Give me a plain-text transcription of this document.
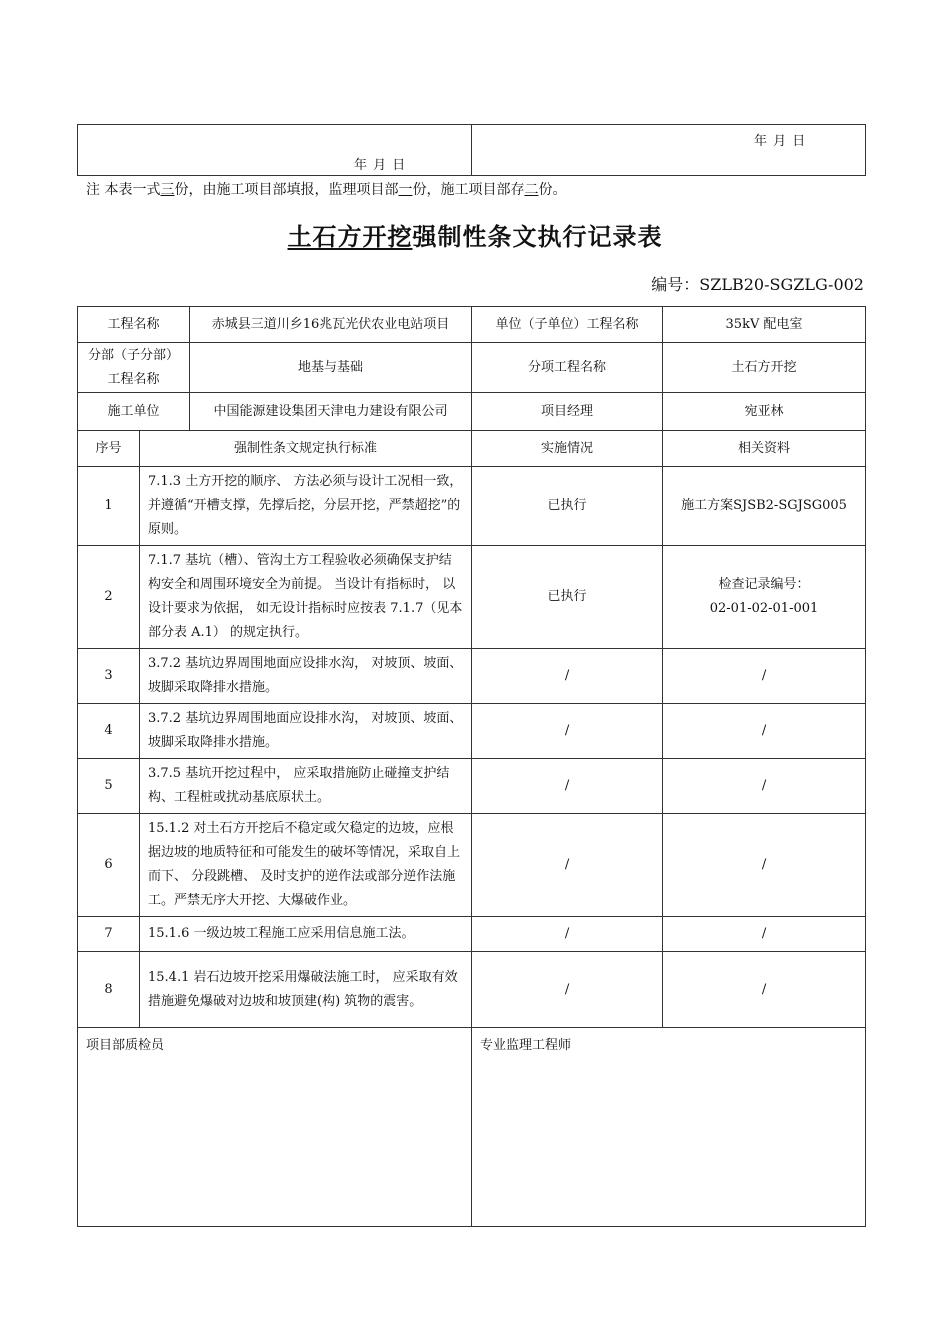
年 月 日

年 月 日
注 本表一式三份，由施工项目部填报，监理项目部一份，施工项目部存二份。
土石方开挖强制性条文执行记录表
编号：SZLB20-SGZLG-002
工程名称		赤城县三道川乡16兆瓦光伏农业电站项目	单位（子单位）工程名称	35kV 配电室

分部（子分部）
工程名称		地基与基础	分项工程名称	土石方开挖
施工单位		中国能源建设集团天津电力建设有限公司	项目经理	宛亚林
序号	强制性条文规定执行标准		实施情况	相关资料
1	7.1.3 土方开挖的顺序、 方法必须与设计工况相一致，并遵循“开槽支撑，先撑后挖，分层开挖，严禁超挖”的原则。		已执行	施工方案SJSB2-SGJSG005

2	7.1.7 基坑（槽）、管沟土方工程验收必须确保支护结构安全和周围环境安全为前提。 当设计有指标时， 以设计要求为依据， 如无设计指标时应按表 7.1.7（见本部分表 A.1） 的规定执行。		已执行	检查记录编号：
02-01-02-01-001

3	3.7.2 基坑边界周围地面应设排水沟， 对坡顶、坡面、坡脚采取降排水措施。		/	/
4	3.7.2 基坑边界周围地面应设排水沟， 对坡顶、坡面、坡脚采取降排水措施。		/	/
5	3.7.5 基坑开挖过程中， 应采取措施防止碰撞支护结构、工程桩或扰动基底原状土。		/	/
6	15.1.2 对土石方开挖后不稳定或欠稳定的边坡，应根据边坡的地质特征和可能发生的破坏等情况，采取自上而下、 分段跳槽、 及时支护的逆作法或部分逆作法施工。严禁无序大开挖、大爆破作业。		/	/
7	15.1.6 一级边坡工程施工应采用信息施工法。		/	/
8	15.4.1 岩石边坡开挖采用爆破法施工时， 应采取有效措施避免爆破对边坡和坡顶建(构) 筑物的震害。		/	/
项目部质检员			专业监理工程师	
